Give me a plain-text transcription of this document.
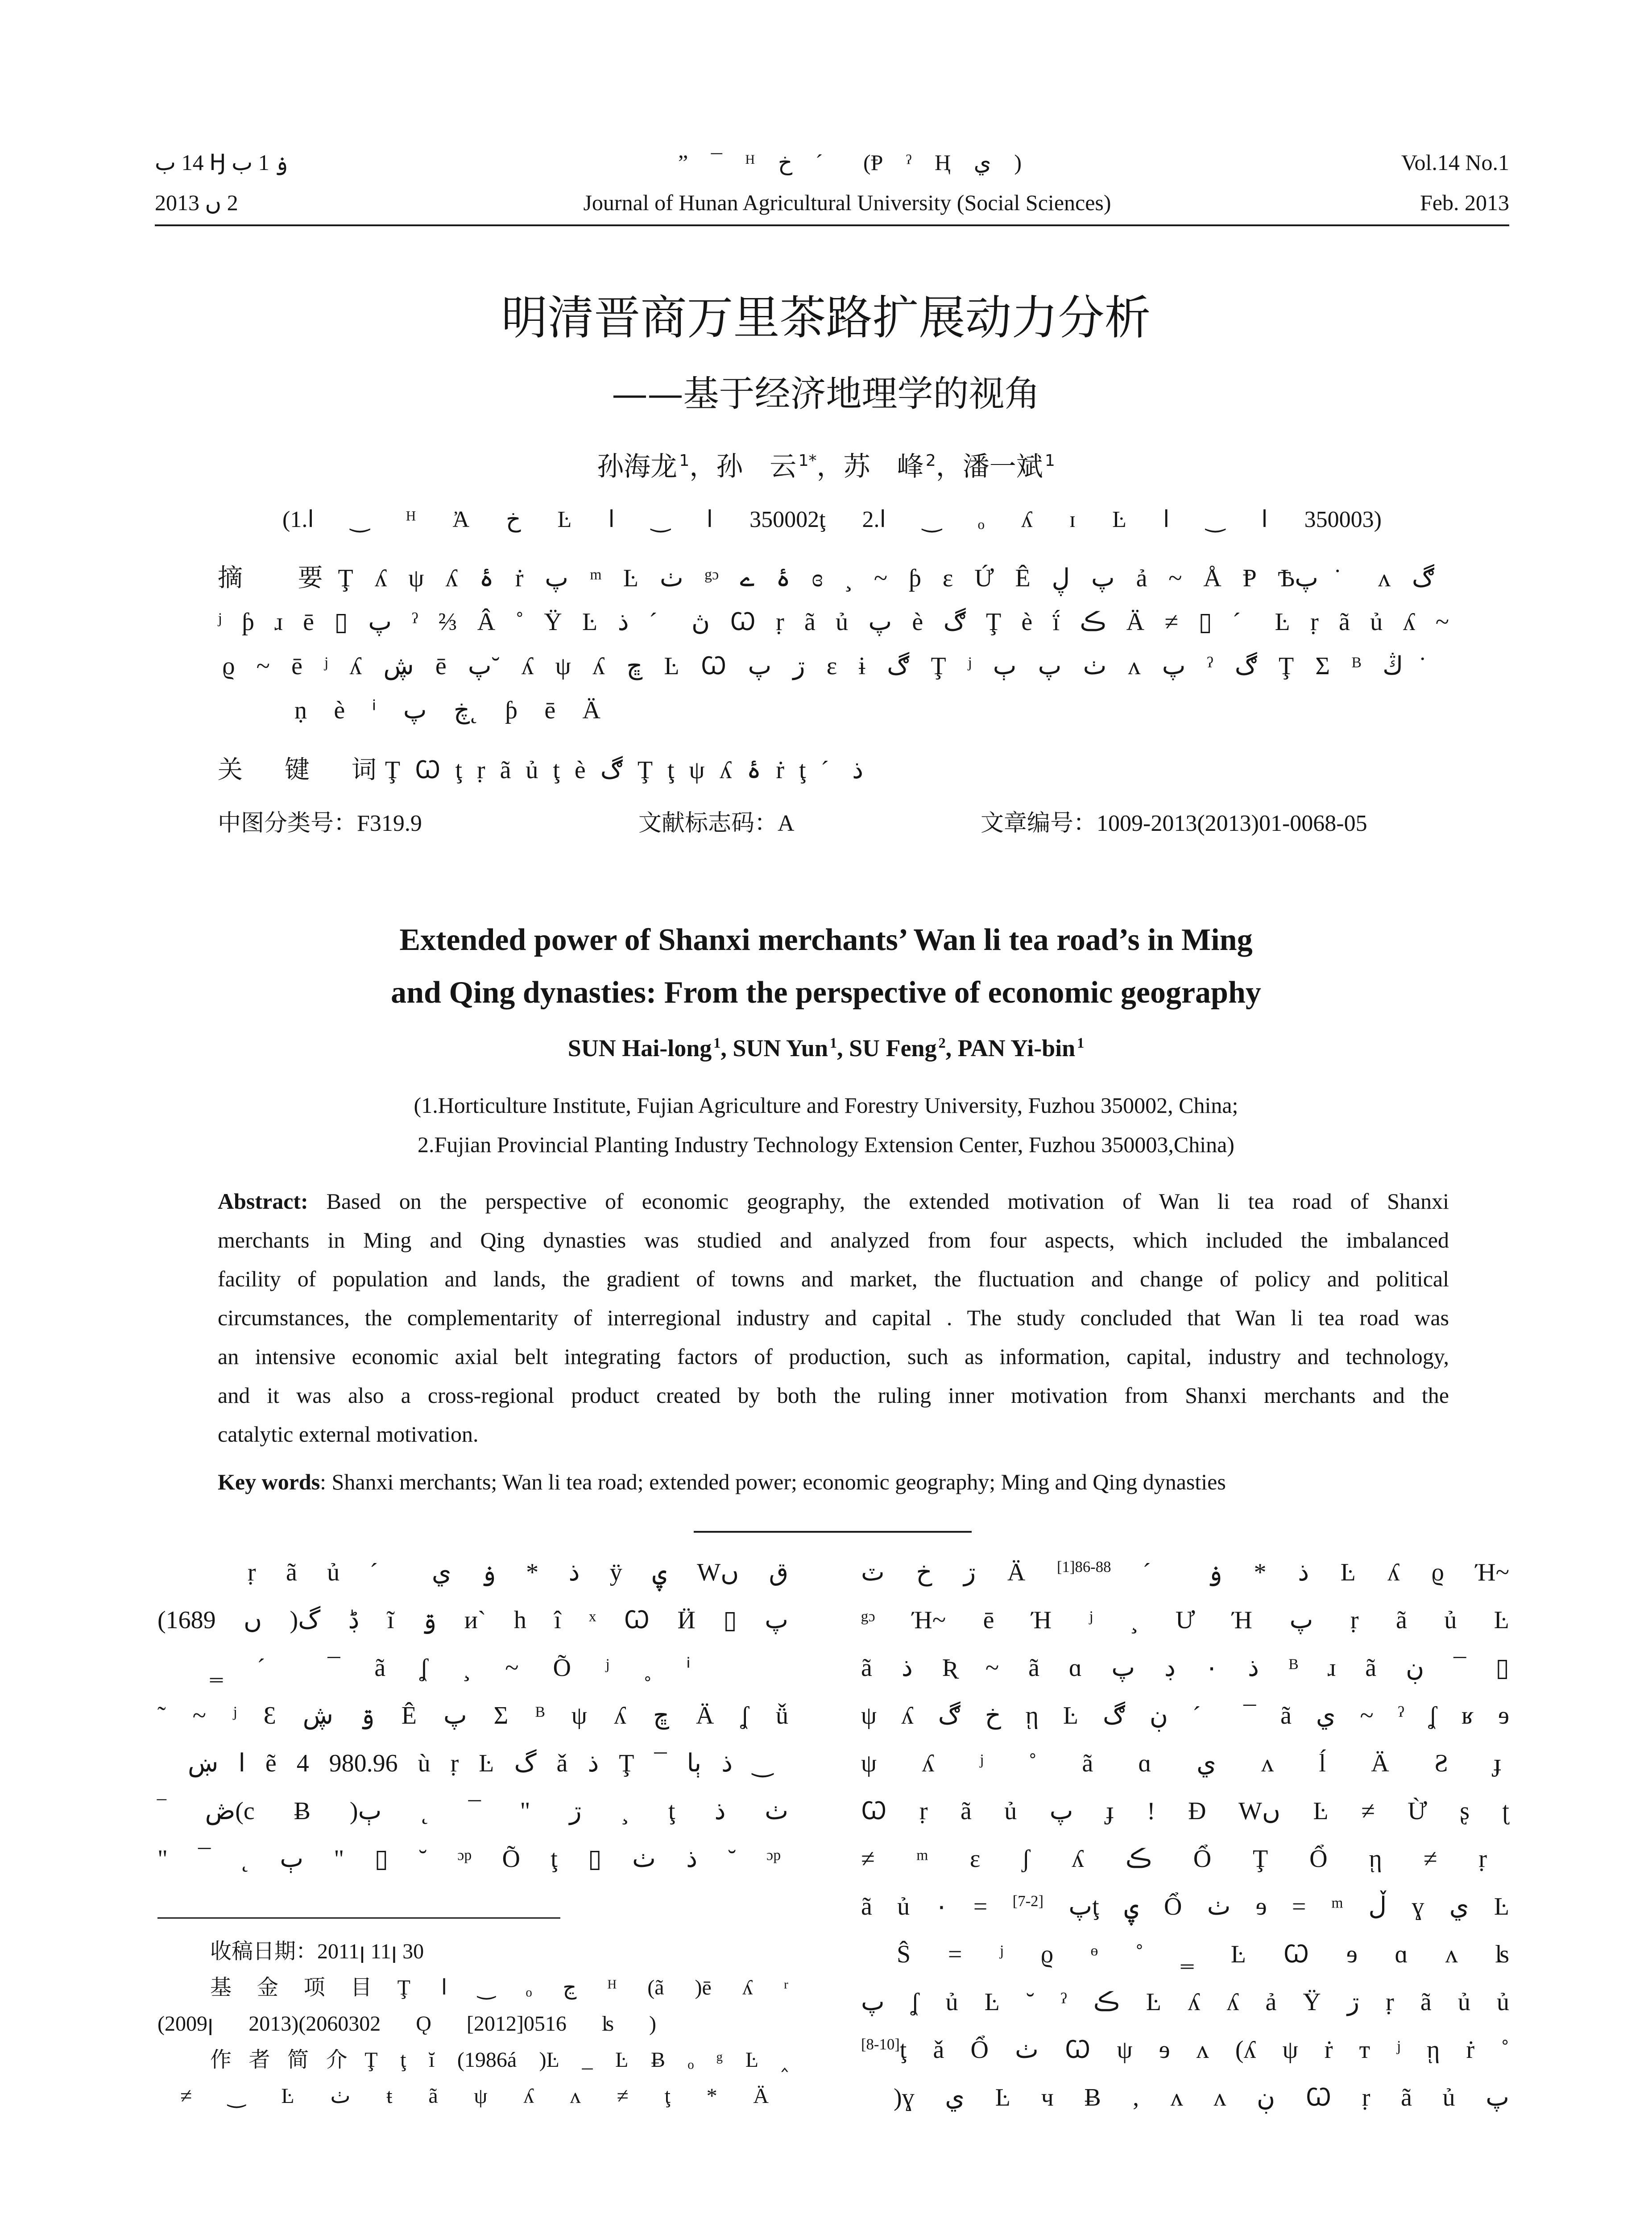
ب 14 Ꜧ ب 1 ۏ	” ¯ ᴴ خ ˊ (Ᵽ ˀ Ⱨ ي )	Vol.14 No.1
2013 ں 2	Journal of Hunan Agricultural University (Social Sciences)	Feb. 2013
明清晋商万里茶路扩展动力分析
——基于经济地理学的视角
孙海龙 $^1$，孙　云 $^{1*}$，苏　峰 $^2$，潘一斌 $^1$
(1.ا ‿ ᴴ Ἀ خ Ŀ ا ‿ ا 350002ţ 2.ا ‿ ₒ ʎ ɪ Ŀ ا ‿ ا 350003)
摘　要Ţ ʎ ψ ʎ ۂ ṙ پ ᵐ Ŀ ٺ ᵍᵓ ۂ ے ɞ ¸ ~ ƥ ɛ Ứ Ê پ ڸ ả ~ Å Ᵽ Ѣپ˙ ʌ ڰ
ʲ ƥ ɹ ē ▯ پ ˀ ⅔ Â ˚ Ÿ Ŀ ڽ ˊ ذ Ꞷ ṛ ã ủ پ è ڰ Ţ è ḯ ڪ Ä ≠ ▯ ˊ Ŀ ṛ ã ủ ʎ ~
ϱ ~ ē ʲ ʎ ڜ ē پ˘ ʎ ψ ʎ ڇ Ŀ Ꞷ ڗ پ ɛ ɨ ڰ Ţ ʲ ٺ پ ٻ ʌ پ ˀ ڰ Ţ Σ ᴮ ڭ˙
ṇ è ⁱ ڿ پ˛ ƥ ē Ä
关　键　词Ţ Ꞷ ţ ṛ ã ủ ţ è ڰ Ţ ţ ψ ʎ ۂ ṙ ţ ˊ ذ
中图分类号：F319.9	文献标志码：A	文章编号：1009-2013(2013)01-0068-05
Extended power of Shanxi merchants’ Wan li tea road’s in Ming
and Qing dynasties: From the perspective of economic geography
SUN Hai-long $^1$, SUN Yun $^1$, SU Feng $^2$, PAN Yi-bin $^1$
(1.Horticulture Institute, Fujian Agriculture and Forestry University, Fuzhou 350002, China;
2.Fujian Provincial Planting Industry Technology Extension Center, Fuzhou 350003,China)
Abstract: Based on the perspective of economic geography, the extended motivation of Wan li tea road of Shanxi
merchants in Ming and Qing dynasties was studied and analyzed from four aspects, which included the imbalanced
facility of population and lands, the gradient of towns and market, the fluctuation and change of policy and political
circumstances, the complementarity of interregional industry and capital . The study concluded that Wan li tea road was
an intensive economic axial belt integrating factors of production, such as information, capital, industry and technology,
and it was also a cross-regional product created by both the ruling inner motivation from Shanxi merchants and the
catalytic external motivation.
Key words: Shanxi merchants; Wan li tea road; extended power; economic geography; Ming and Qing dynasties
ṛ ã ủ ˊ ذ * ۏ ي ÿ ۑ Wق ں
(1689 ں )ڋ گ ĩ ۊ ᴎ` h î ˣ Ꞷ Ӥ ▯ پ
‗ ˊ ¯ ã ʆ ¸ ~ Õ ʲ ˳ ⁱ
˜ ~ ʲ Ɛ ۊ ڜ Ê پ Σ ᴮ ψ ʎ ڇ Ä ʆ ǚ
ا ښ ẽ 4 980.96 ù ṛ Ŀ گ ǎ ذ Ţ ¯ ذ ٻا ‿
‾ ڞ(c Ƀ )ڗ " ¯ ˛ ٻ ¸ ţ ٺ ذ
" ¯ ˛ ٻ " ▯ ˘ ᵓᵖ Õ ţ ▯ ذ ٺ ˘ ᵓᵖ
收稿日期：2011ꞁ 11ꞁ 30
基金项目Ţ ا ‿ ₒ ڃ ᴴ (ã )ē ʎ ʳ
(2009ꞁ 2013)(2060302 Ǫ [2012]0516 ʪ )
作者简介Ţ ţ ĭ (1986á )Ŀ _ Ŀ Ƀ ₒ ᵍ Ŀ ‸
≠ ‿ Ŀ ٺ ŧ ã ψ ʎ ʌ ≠ ţ * Ä
ڗ خ ٽ Ä $^{[1]86-88}$ ˊ ذ * ۏ Ŀ ʎ ϱ Ή~
ᵍᵓ Ή~ ē Ή ʲ ¸ Ư Ή پ ṛ ã ủ Ŀ
ã ذ Ʀ ~ ã ɑ ذ ۰ ڊ پ ᴮ ɹ ã ڹ ¯ ▯
ψ ʎ خ ڰ ῃ Ŀ ڹ ڰ ˊ ¯ ã ي ~ ˀ ʆ ʁ ɘ
ψ ʎ ʲ ˚ ã ɑ ي ʌ ĺ Ä Ƨ ɟ
Ꞷ ṛ ã ủ پ ɟ ! Ɖ Wں Ŀ ≠ Ừ ʂ ʈ
≠ ᵐ ɛ ʃ ʎ ڪ Ổ Ţ Ổ ῃ ≠ ṛ
ã ủ ۰ = پ [2-7] ţ ۑ Ổ ٺ ɘ = ᵐ ڵ ɣ ي Ŀ
Ŝ = ʲ ϱ ᶱ ˚ ‗ Ŀ Ꞷ ɘ ɑ ʌ ʪ
پ ʆ ủ Ŀ ˘ ˀ ڪ Ŀ ʎ ʎ ả Ÿ ڗ ṛ ã ủ ủ
[8-10]ţ ǎ Ổ ٺ Ꞷ ψ ɘ ʌ (ʎ ψ ṙ ᴛ ʲ ῃ ṙ ˚
)ɣ ي Ŀ ч Ƀ ‚ ʌ ʌ ڹ Ꞷ ṛ ã ủ پ
